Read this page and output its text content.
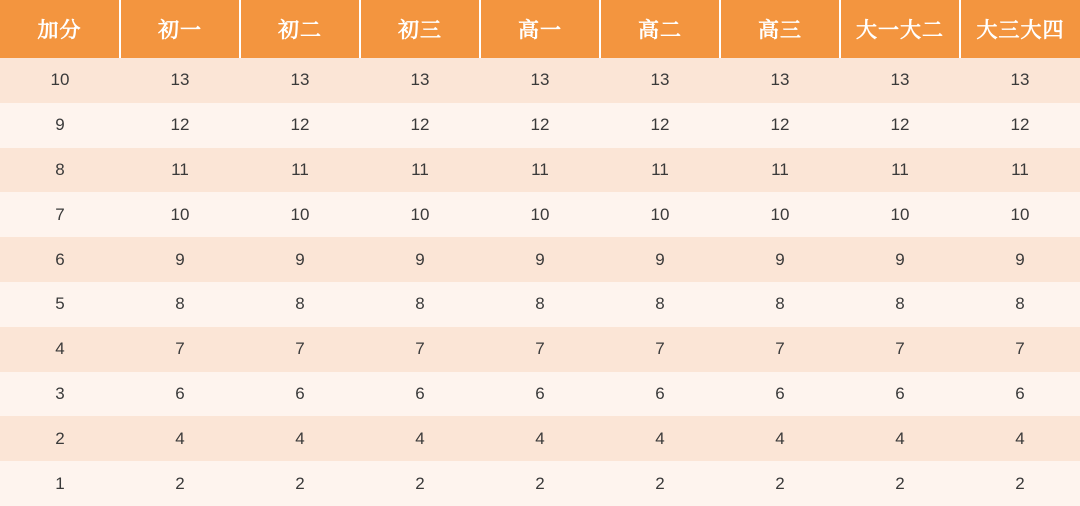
加分	初一	初二	初三	高一	高二	高三	大一大二	大三大四
10	13	13	13	13	13	13	13	13
9	12	12	12	12	12	12	12	12
8	11	11	11	11	11	11	11	11
7	10	10	10	10	10	10	10	10
6	9	9	9	9	9	9	9	9
5	8	8	8	8	8	8	8	8
4	7	7	7	7	7	7	7	7
3	6	6	6	6	6	6	6	6
2	4	4	4	4	4	4	4	4
1	2	2	2	2	2	2	2	2
